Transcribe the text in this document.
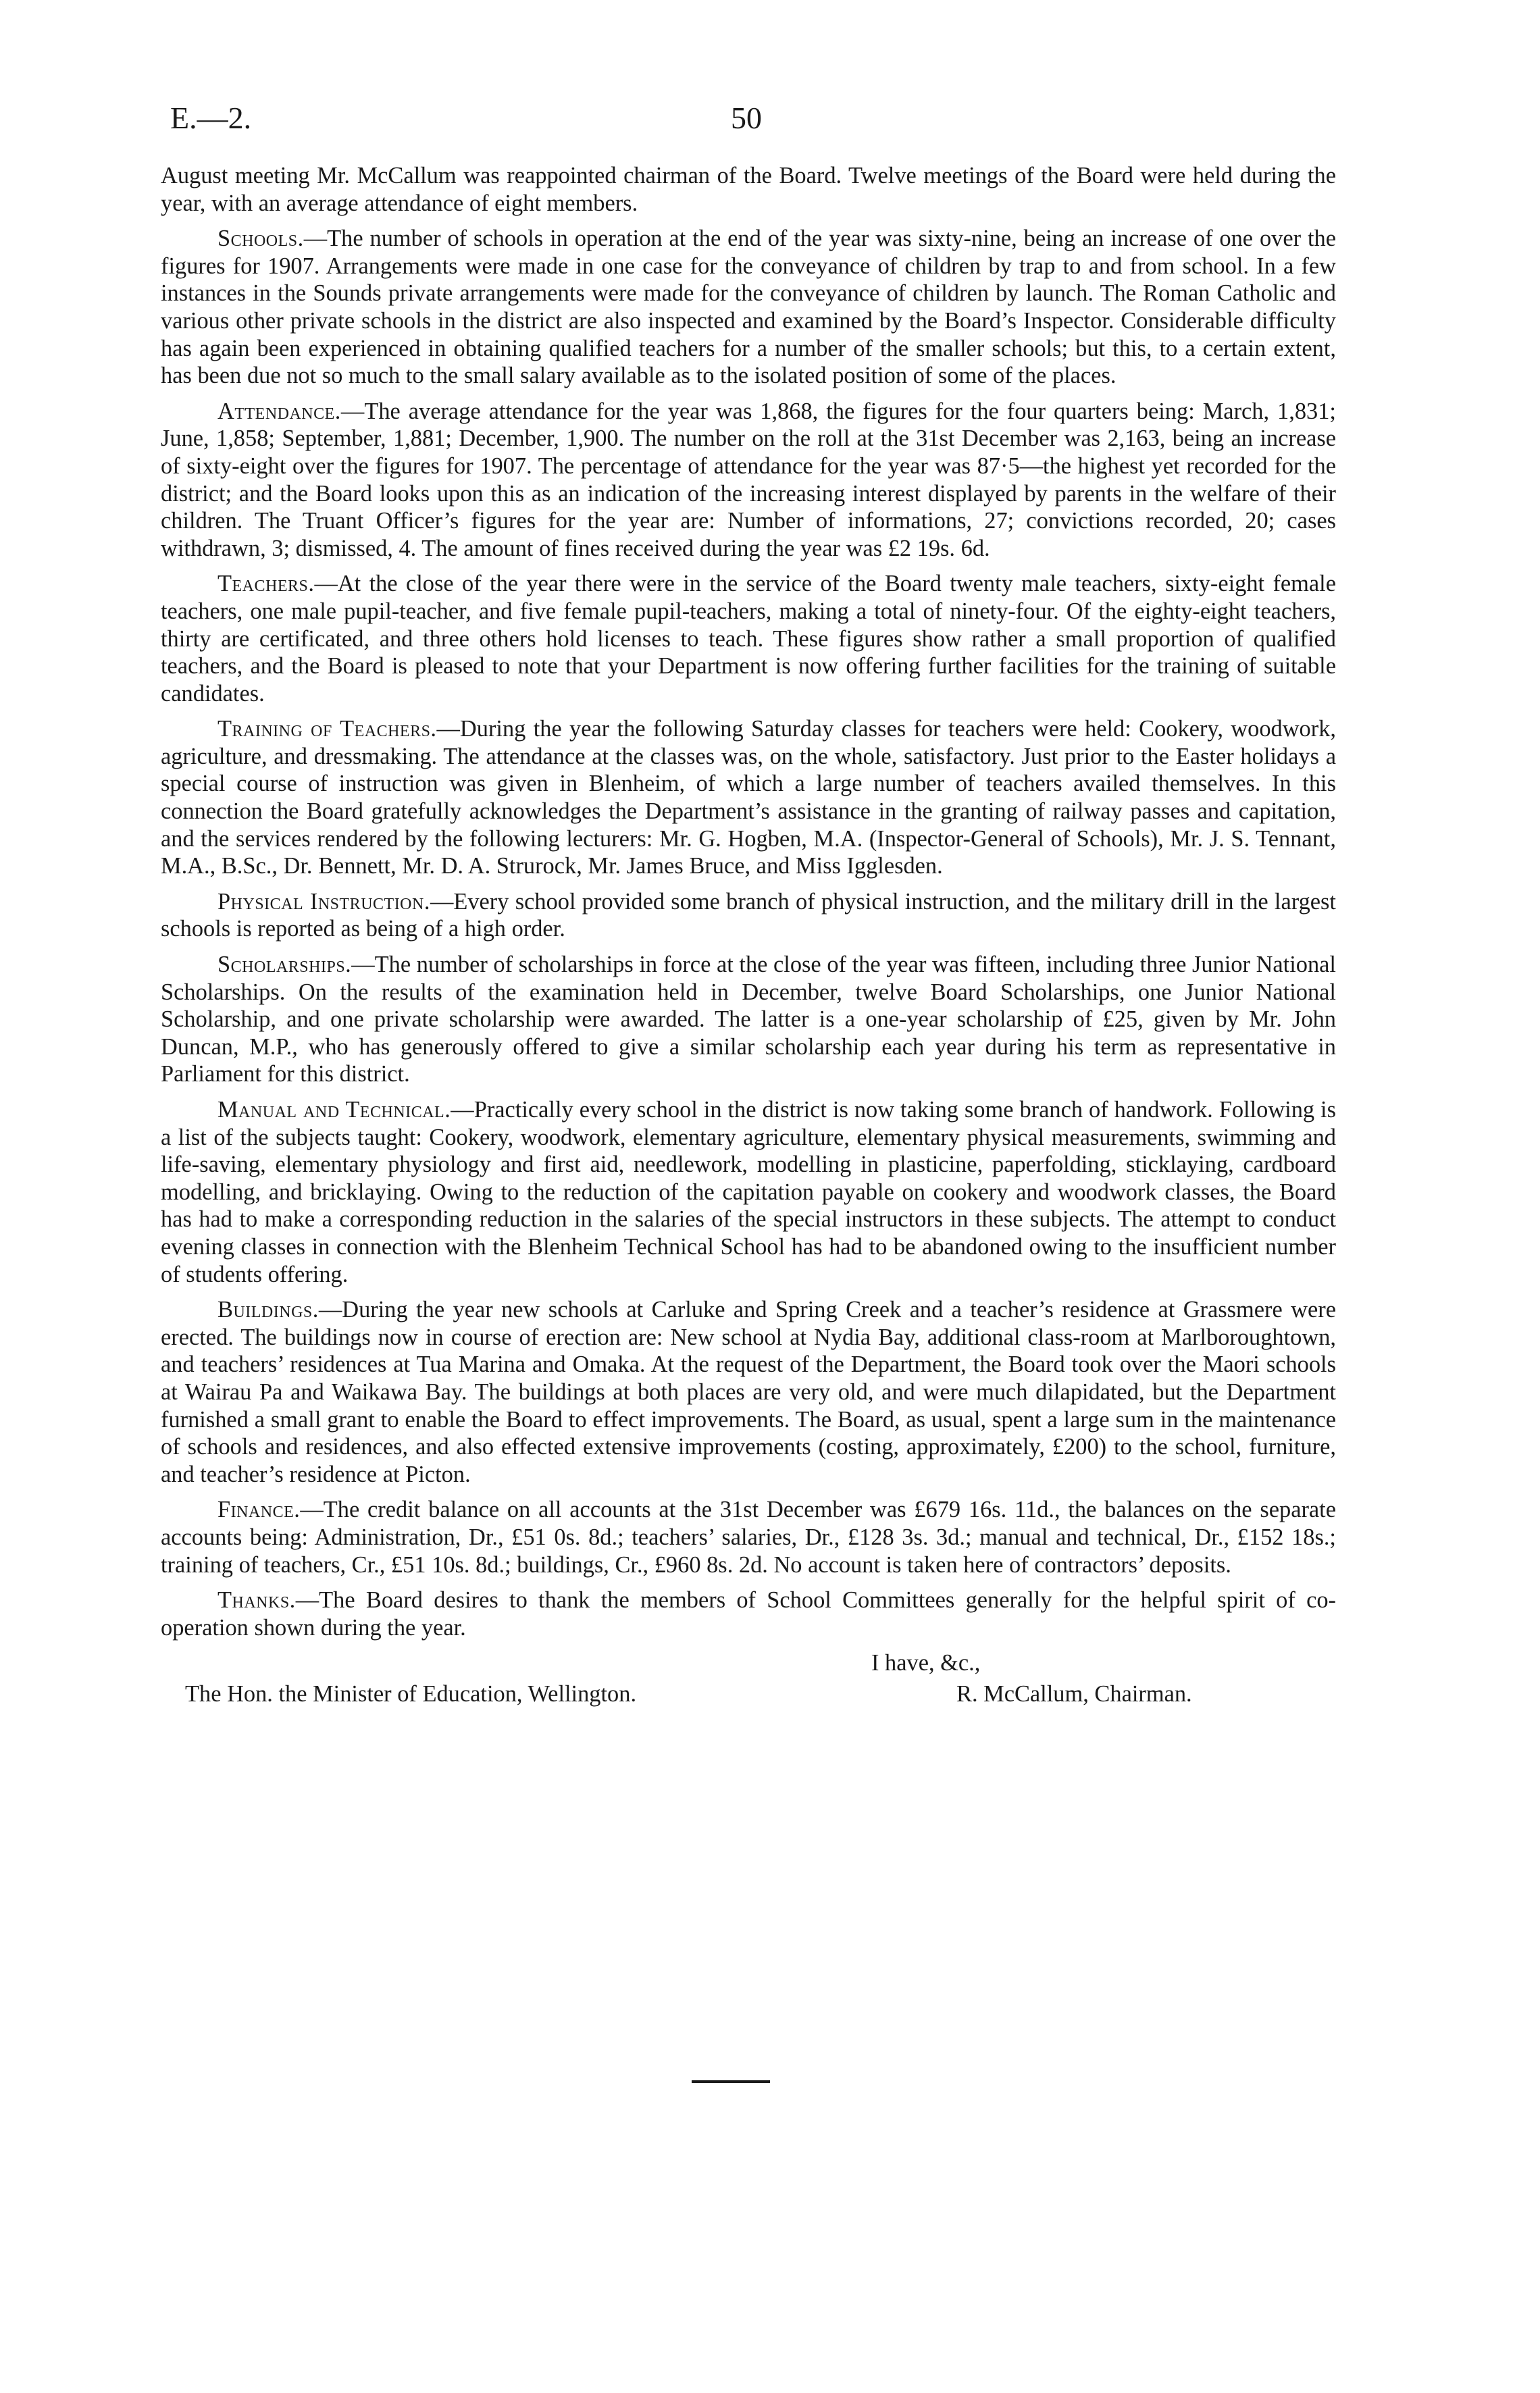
E.—2.	50

August meeting Mr. McCallum was reappointed chairman of the Board. Twelve meetings of the Board were held during the year, with an average attendance of eight members.

Schools.—The number of schools in operation at the end of the year was sixty-nine, being an increase of one over the figures for 1907. Arrangements were made in one case for the conveyance of children by trap to and from school. In a few instances in the Sounds private arrangements were made for the conveyance of children by launch. The Roman Catholic and various other private schools in the district are also inspected and examined by the Board’s Inspector. Considerable difficulty has again been experienced in obtaining qualified teachers for a number of the smaller schools; but this, to a certain extent, has been due not so much to the small salary available as to the isolated position of some of the places.

Attendance.—The average attendance for the year was 1,868, the figures for the four quarters being: March, 1,831; June, 1,858; September, 1,881; December, 1,900. The number on the roll at the 31st December was 2,163, being an increase of sixty-eight over the figures for 1907. The percentage of attendance for the year was 87·5—the highest yet recorded for the district; and the Board looks upon this as an indication of the increasing interest displayed by parents in the welfare of their children. The Truant Officer’s figures for the year are: Number of informations, 27; convictions recorded, 20; cases withdrawn, 3; dismissed, 4. The amount of fines received during the year was £2 19s. 6d.

Teachers.—At the close of the year there were in the service of the Board twenty male teachers, sixty-eight female teachers, one male pupil-teacher, and five female pupil-teachers, making a total of ninety-four. Of the eighty-eight teachers, thirty are certificated, and three others hold licenses to teach. These figures show rather a small proportion of qualified teachers, and the Board is pleased to note that your Department is now offering further facilities for the training of suitable candidates.

Training of Teachers.—During the year the following Saturday classes for teachers were held: Cookery, woodwork, agriculture, and dressmaking. The attendance at the classes was, on the whole, satisfactory. Just prior to the Easter holidays a special course of instruction was given in Blenheim, of which a large number of teachers availed themselves. In this connection the Board gratefully acknowledges the Department’s assistance in the granting of railway passes and capitation, and the services rendered by the following lecturers: Mr. G. Hogben, M.A. (Inspector-General of Schools), Mr. J. S. Tennant, M.A., B.Sc., Dr. Bennett, Mr. D. A. Strurock, Mr. James Bruce, and Miss Igglesden.

Physical Instruction.—Every school provided some branch of physical instruction, and the military drill in the largest schools is reported as being of a high order.

Scholarships.—The number of scholarships in force at the close of the year was fifteen, including three Junior National Scholarships. On the results of the examination held in December, twelve Board Scholarships, one Junior National Scholarship, and one private scholarship were awarded. The latter is a one-year scholarship of £25, given by Mr. John Duncan, M.P., who has generously offered to give a similar scholarship each year during his term as representative in Parliament for this district.

Manual and Technical.—Practically every school in the district is now taking some branch of handwork. Following is a list of the subjects taught: Cookery, woodwork, elementary agriculture, elementary physical measurements, swimming and life-saving, elementary physiology and first aid, needlework, modelling in plasticine, paperfolding, sticklaying, cardboard modelling, and bricklaying. Owing to the reduction of the capitation payable on cookery and woodwork classes, the Board has had to make a corresponding reduction in the salaries of the special instructors in these subjects. The attempt to conduct evening classes in connection with the Blenheim Technical School has had to be abandoned owing to the insufficient number of students offering.

Buildings.—During the year new schools at Carluke and Spring Creek and a teacher’s residence at Grassmere were erected. The buildings now in course of erection are: New school at Nydia Bay, additional class-room at Marlboroughtown, and teachers’ residences at Tua Marina and Omaka. At the request of the Department, the Board took over the Maori schools at Wairau Pa and Waikawa Bay. The buildings at both places are very old, and were much dilapidated, but the Department furnished a small grant to enable the Board to effect improvements. The Board, as usual, spent a large sum in the maintenance of schools and residences, and also effected extensive improvements (costing, approximately, £200) to the school, furniture, and teacher’s residence at Picton.

Finance.—The credit balance on all accounts at the 31st December was £679 16s. 11d., the balances on the separate accounts being: Administration, Dr., £51 0s. 8d.; teachers’ salaries, Dr., £128 3s. 3d.; manual and technical, Dr., £152 18s.; training of teachers, Cr., £51 10s. 8d.; buildings, Cr., £960 8s. 2d. No account is taken here of contractors’ deposits.

Thanks.—The Board desires to thank the members of School Committees generally for the helpful spirit of co-operation shown during the year.

I have, &c.,
The Hon. the Minister of Education, Wellington.	R. McCallum, Chairman.
